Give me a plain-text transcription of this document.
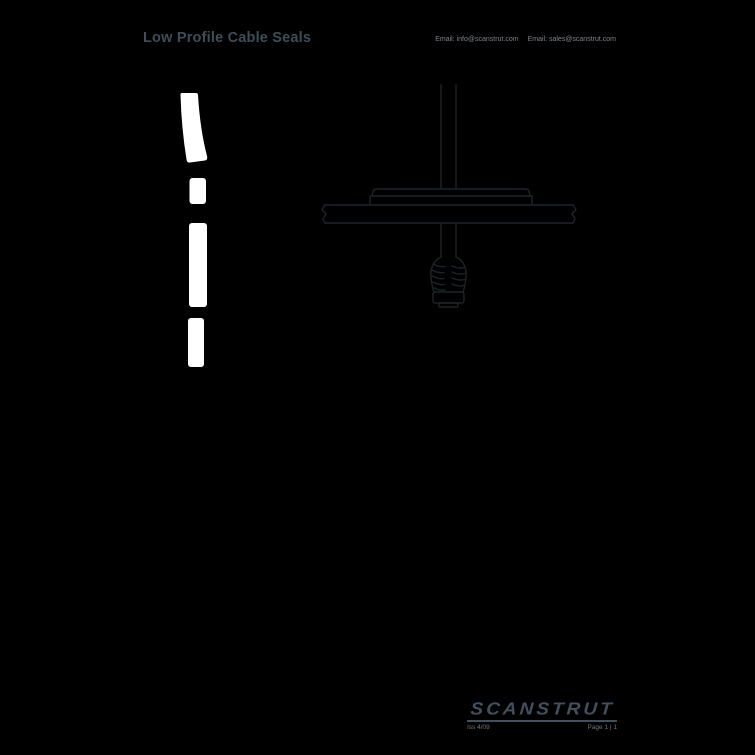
Low Profile Cable Seals	Email: info@scanstrut.com Email: sales@scanstrut.com
SCANSTRUT
Iss 4/09	Page 1 | 1
